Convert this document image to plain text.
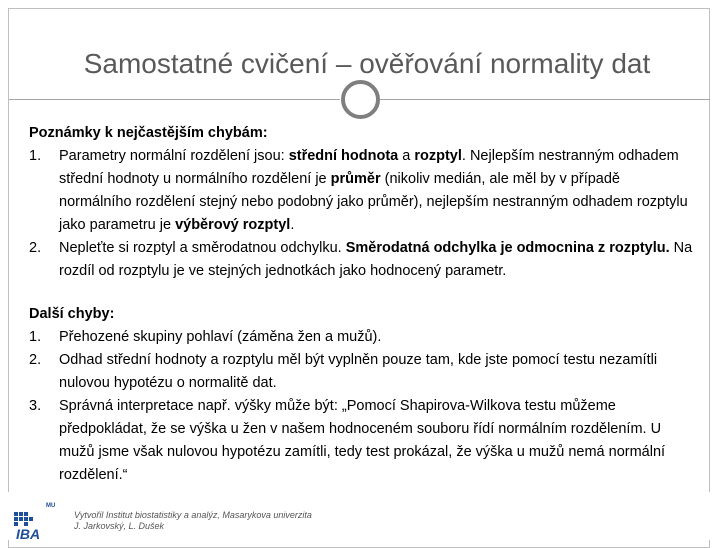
Samostatné cvičení – ověřování normality dat

Poznámky k nejčastějším chybám:

1. Parametry normální rozdělení jsou: střední hodnota a rozptyl. Nejlepším nestranným odhadem střední hodnoty u normálního rozdělení je průměr (nikoliv medián, ale měl by v případě normálního rozdělení stejný nebo podobný jako průměr), nejlepším nestranným odhadem rozptylu jako parametru je výběrový rozptyl.
2. Nepleťte si rozptyl a směrodatnou odchylku. Směrodatná odchylka je odmocnina z rozptylu. Na rozdíl od rozptylu je ve stejných jednotkách jako hodnocený parametr.

Další chyby:

1. Přehozené skupiny pohlaví (záměna žen a mužů).
2. Odhad střední hodnoty a rozptylu měl být vyplněn pouze tam, kde jste pomocí testu nezamítli nulovou hypotézu o normalitě dat.
3. Správná interpretace např. výšky může být: „Pomocí Shapirova-Wilkova testu můžeme předpokládat, že se výška u žen v našem hodnoceném souboru řídí normálním rozdělením. U mužů jsme však nulovou hypotézu zamítli, tedy test prokázal, že výška u mužů nemá normální rozdělení.“
MU
IBA
Vytvořil Institut biostatistiky a analýz, Masarykova univerzita
J. Jarkovský, L. Dušek
